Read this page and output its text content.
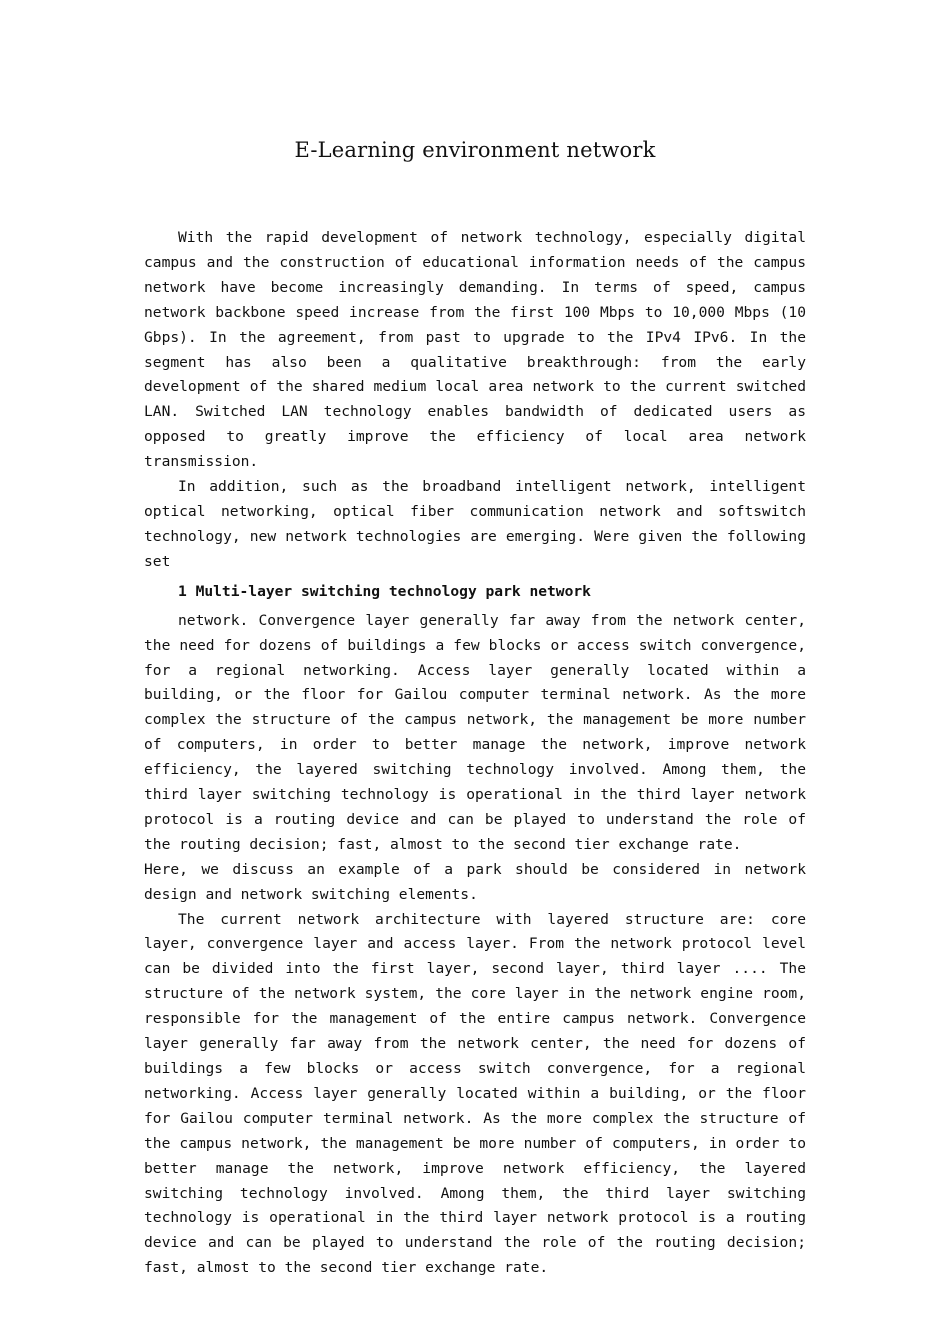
E-Learning environment network

With the rapid development of network technology, especially digital campus and the construction of educational information needs of the campus network have become increasingly demanding. In terms of speed, campus network backbone speed increase from the first 100 Mbps to 10,000 Mbps (10 Gbps). In the agreement, from past to upgrade to the IPv4 IPv6. In the segment has also been a qualitative breakthrough: from the early development of the shared medium local area network to the current switched LAN. Switched LAN technology enables bandwidth of dedicated users as opposed to greatly improve the efficiency of local area network transmission.

In addition, such as the broadband intelligent network, intelligent optical networking, optical fiber communication network and softswitch technology, new network technologies are emerging. Were given the following set

1 Multi-layer switching technology park network

network. Convergence layer generally far away from the network center, the need for dozens of buildings a few blocks or access switch convergence, for a regional networking. Access layer generally located within a building, or the floor for Gailou computer terminal network. As the more complex the structure of the campus network, the management be more number of computers, in order to better manage the network, improve network efficiency, the layered switching technology involved. Among them, the third layer switching technology is operational in the third layer network protocol is a routing device and can be played to understand the role of the routing decision; fast, almost to the second tier exchange rate.

Here, we discuss an example of a park should be considered in network design and network switching elements.

The current network architecture with layered structure are: core layer, convergence layer and access layer. From the network protocol level can be divided into the first layer, second layer, third layer .... The structure of the network system, the core layer in the network engine room, responsible for the management of the entire campus network. Convergence layer generally far away from the network center, the need for dozens of buildings a few blocks or access switch convergence, for a regional networking. Access layer generally located within a building, or the floor for Gailou computer terminal network. As the more complex the structure of the campus network, the management be more number of computers, in order to better manage the network, improve network efficiency, the layered switching technology involved. Among them, the third layer switching technology is operational in the third layer network protocol is a routing device and can be played to understand the role of the routing decision; fast, almost to the second tier exchange rate.
